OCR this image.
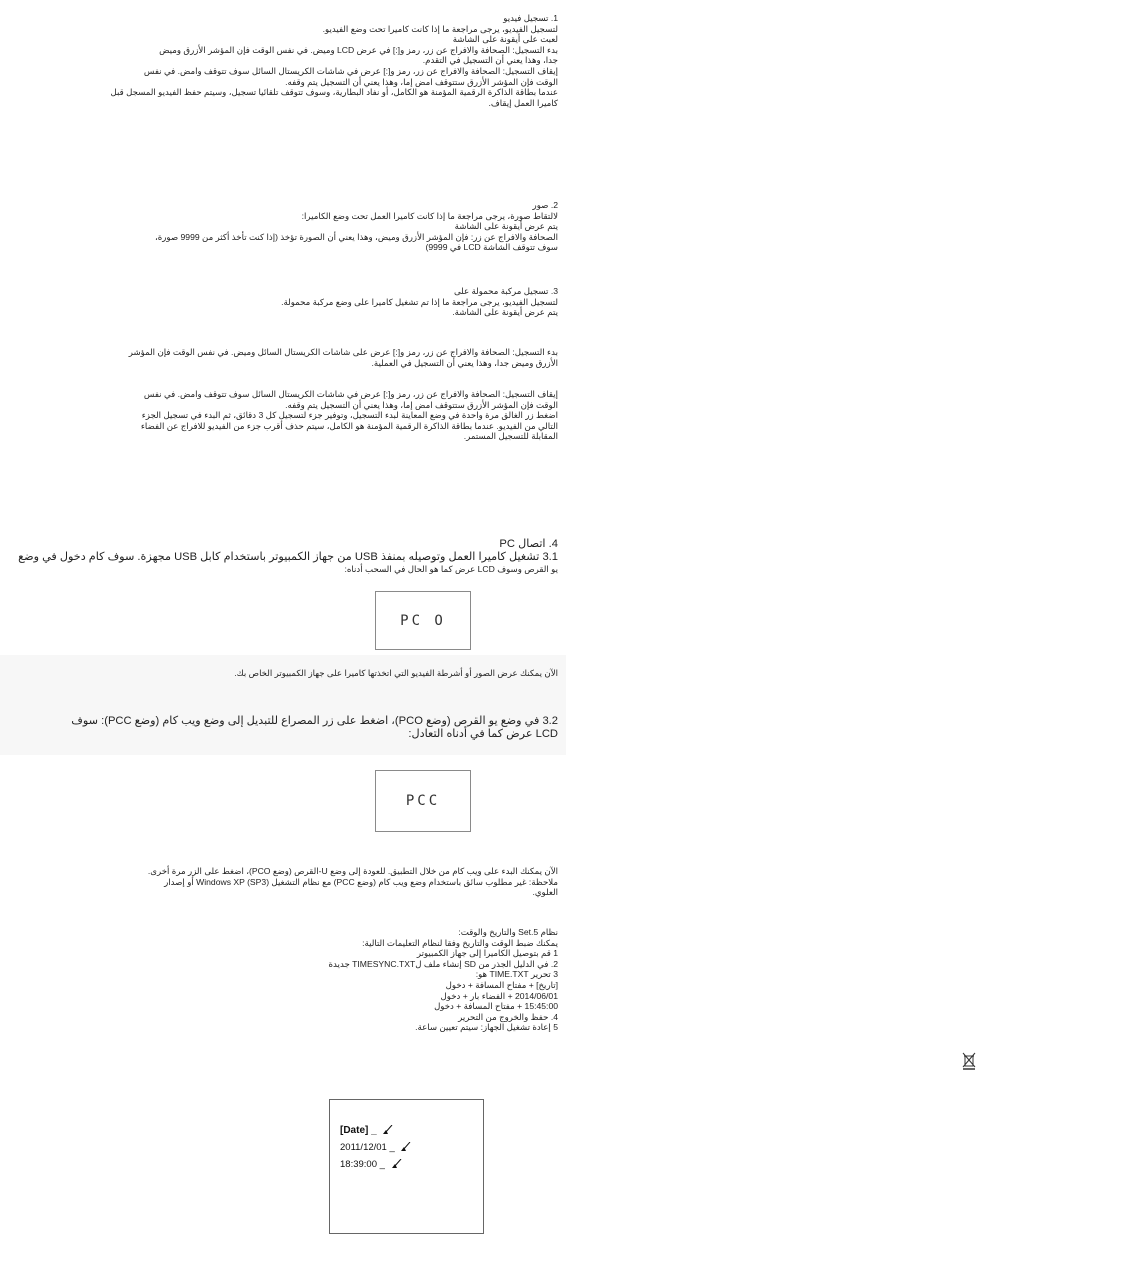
1. تسجيل فيديو
لتسجيل الفيديو، يرجى مراجعة ما إذا كانت كاميرا تحت وضع الفيديو.
لعبت على أيقونة على الشاشة
بدء التسجيل: الصحافة والافراج عن زر، رمز و[:] في عرض LCD وميض. في نفس الوقت فإن المؤشر الأزرق وميض
جدا، وهذا يعني أن التسجيل في التقدم.
إيقاف التسجيل: الصحافة والافراج عن زر، رمز و[:] عرض في شاشات الكريستال السائل سوف تتوقف وامض. في نفس
الوقت فإن المؤشر الأزرق ستتوقف امض إما، وهذا يعني أن التسجيل يتم وقفه.
عندما بطاقة الذاكرة الرقمية المؤمنة هو الكامل، أو نفاد البطارية، وسوف تتوقف تلقائيا تسجيل، وسيتم حفظ الفيديو المسجل قبل
كاميرا العمل إيقاف.
2. صور
لالتقاط صورة، يرجى مراجعة ما إذا كانت كاميرا العمل تحت وضع الكاميرا:
يتم عرض أيقونة على الشاشة
الصحافة والافراج عن زر: فإن المؤشر الأزرق وميض، وهذا يعني أن الصورة تؤخذ (إذا كنت تأخذ أكثر من 9999 صورة،
سوف تتوقف الشاشة LCD في 9999)
3. تسجيل مركبة محمولة على
لتسجيل الفيديو، يرجى مراجعة ما إذا تم تشغيل كاميرا على وضع مركبة محمولة.
يتم عرض أيقونة على الشاشة.
بدء التسجيل: الصحافة والافراج عن زر، رمز و[:] عرض على شاشات الكريستال السائل وميض. في نفس الوقت فإن المؤشر
الأزرق وميض جدا، وهذا يعني أن التسجيل في العملية.
إيقاف التسجيل: الصحافة والافراج عن زر، رمز و[:] عرض في شاشات الكريستال السائل سوف تتوقف وامض. في نفس
الوقت فإن المؤشر الأزرق ستتوقف امض إما، وهذا يعني أن التسجيل يتم وقفه.
اضغط زر الغالق مرة واحدة في وضع المعاينة لبدء التسجيل، وتوفير جزء لتسجيل كل 3 دقائق، ثم البدء في تسجيل الجزء
التالي من الفيديو. عندما بطاقة الذاكرة الرقمية المؤمنة هو الكامل، سيتم حذف أقرب جزء من الفيديو للافراج عن الفضاء
المقابلة للتسجيل المستمر.
4. اتصال PC
3.1 تشغيل كاميرا العمل وتوصيله بمنفذ USB من جهاز الكمبيوتر باستخدام كابل USB مجهزة. سوف كام دخول في وضع
يو القرص وسوف LCD عرض كما هو الحال في السحب أدناه:
PC O
الآن يمكنك عرض الصور أو أشرطة الفيديو التي اتخذتها كاميرا على جهاز الكمبيوتر الخاص بك.
3.2 في وضع يو القرص (وضع PCO)، اضغط على زر المصراع للتبديل إلى وضع ويب كام (وضع PCC): سوف
LCD عرض كما في أدناه التعادل:
PCC
الآن يمكنك البدء على ويب كام من خلال التطبيق. للعودة إلى وضع U-القرص (وضع PCO)، اضغط على الزر مرة أخرى.
ملاحظة: غير مطلوب سائق باستخدام وضع ويب كام (وضع PCC) مع نظام التشغيل (Windows XP (SP3 أو إصدار
العلوي.
نظام Set.5 والتاريخ والوقت:
يمكنك ضبط الوقت والتاريخ وفقا لنظام التعليمات التالية:
1 قم بتوصيل الكاميرا إلى جهاز الكمبيوتر
2. في الدليل الجذر من SD إنشاء ملف لTIMESYNC.TXT جديدة
3 تحرير TIME.TXT هو:
[تاريخ] + مفتاح المسافة + دخول
2014/06/01 + الفضاء بار + دخول
15:45:00 + مفتاح المسافة + دخول
4. حفظ والخروج من التحرير
5 إعادة تشغيل الجهاز: سيتم تعيين ساعة.
[Date] _
2011/12/01 _
18:39:00 _
